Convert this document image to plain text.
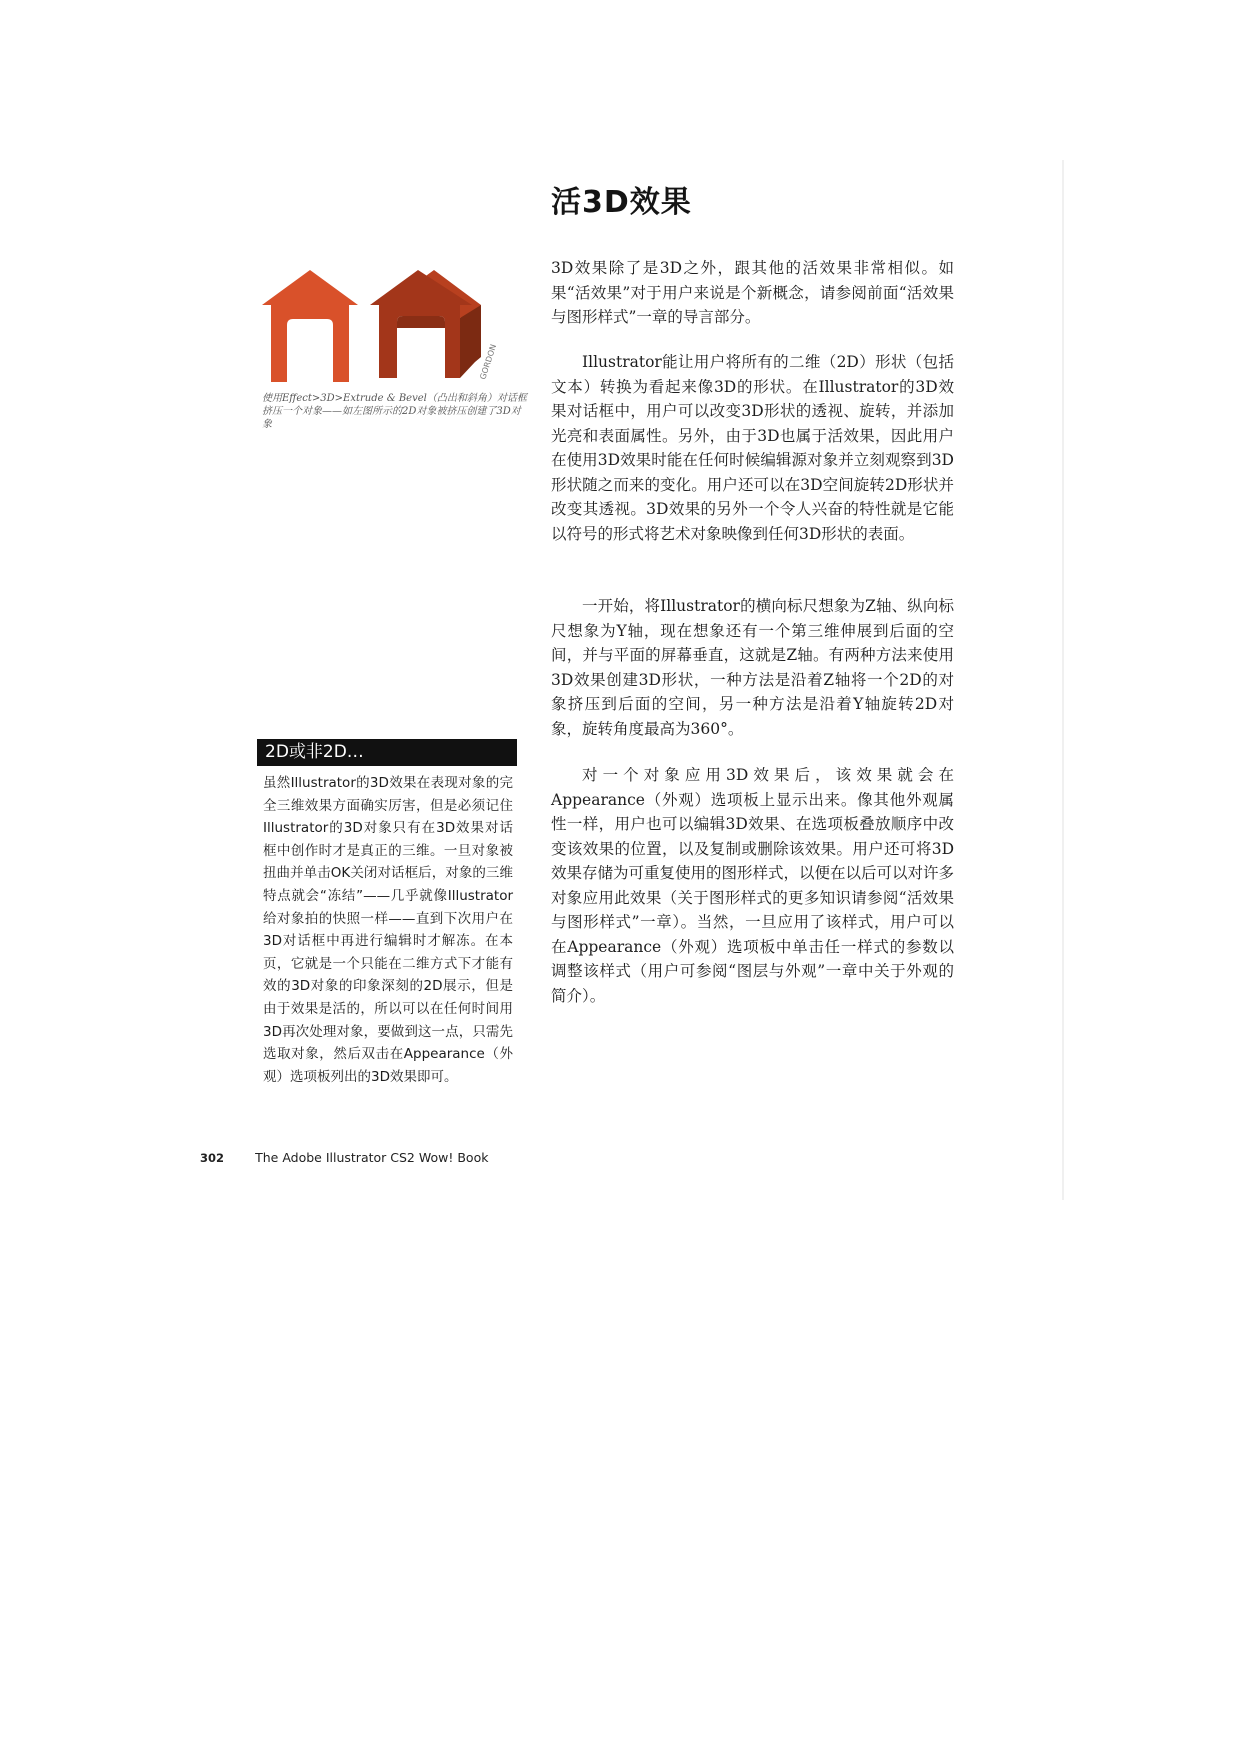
活3D效果

3D效果除了是3D之外，跟其他的活效果非常相似。如果“活效果”对于用户来说是个新概念，请参阅前面“活效果与图形样式”一章的导言部分。

Illustrator能让用户将所有的二维（2D）形状（包括文本）转换为看起来像3D的形状。在Illustrator的3D效果对话框中，用户可以改变3D形状的透视、旋转，并添加光亮和表面属性。另外，由于3D也属于活效果，因此用户在使用3D效果时能在任何时候编辑源对象并立刻观察到3D形状随之而来的变化。用户还可以在3D空间旋转2D形状并改变其透视。3D效果的另外一个令人兴奋的特性就是它能以符号的形式将艺术对象映像到任何3D形状的表面。

一开始，将Illustrator的横向标尺想象为Z轴、纵向标尺想象为Y轴，现在想象还有一个第三维伸展到后面的空间，并与平面的屏幕垂直，这就是Z轴。有两种方法来使用3D效果创建3D形状，一种方法是沿着Z轴将一个2D的对象挤压到后面的空间，另一种方法是沿着Y轴旋转2D对象，旋转角度最高为360°。

对一个对象应用3D效果后，该效果就会在Appearance（外观）选项板上显示出来。像其他外观属性一样，用户也可以编辑3D效果、在选项板叠放顺序中改变该效果的位置，以及复制或删除该效果。用户还可将3D效果存储为可重复使用的图形样式，以便在以后可以对许多对象应用此效果（关于图形样式的更多知识请参阅“活效果与图形样式”一章）。当然，一旦应用了该样式，用户可以在Appearance（外观）选项板中单击任一样式的参数以调整该样式（用户可参阅“图层与外观”一章中关于外观的简介）。

GORDON

使用Effect>3D>Extrude & Bevel（凸出和斜角）对话框挤压一个对象——如左图所示的2D对象被挤压创建了3D对象

2D或非2D…

虽然Illustrator的3D效果在表现对象的完全三维效果方面确实厉害，但是必须记住Illustrator的3D对象只有在3D效果对话框中创作时才是真正的三维。一旦对象被扭曲并单击OK关闭对话框后，对象的三维特点就会“冻结”——几乎就像Illustrator给对象拍的快照一样——直到下次用户在3D对话框中再进行编辑时才解冻。在本页，它就是一个只能在二维方式下才能有效的3D对象的印象深刻的2D展示，但是由于效果是活的，所以可以在任何时间用3D再次处理对象，要做到这一点，只需先选取对象，然后双击在Appearance（外观）选项板列出的3D效果即可。

302 The Adobe Illustrator CS2 Wow! Book
